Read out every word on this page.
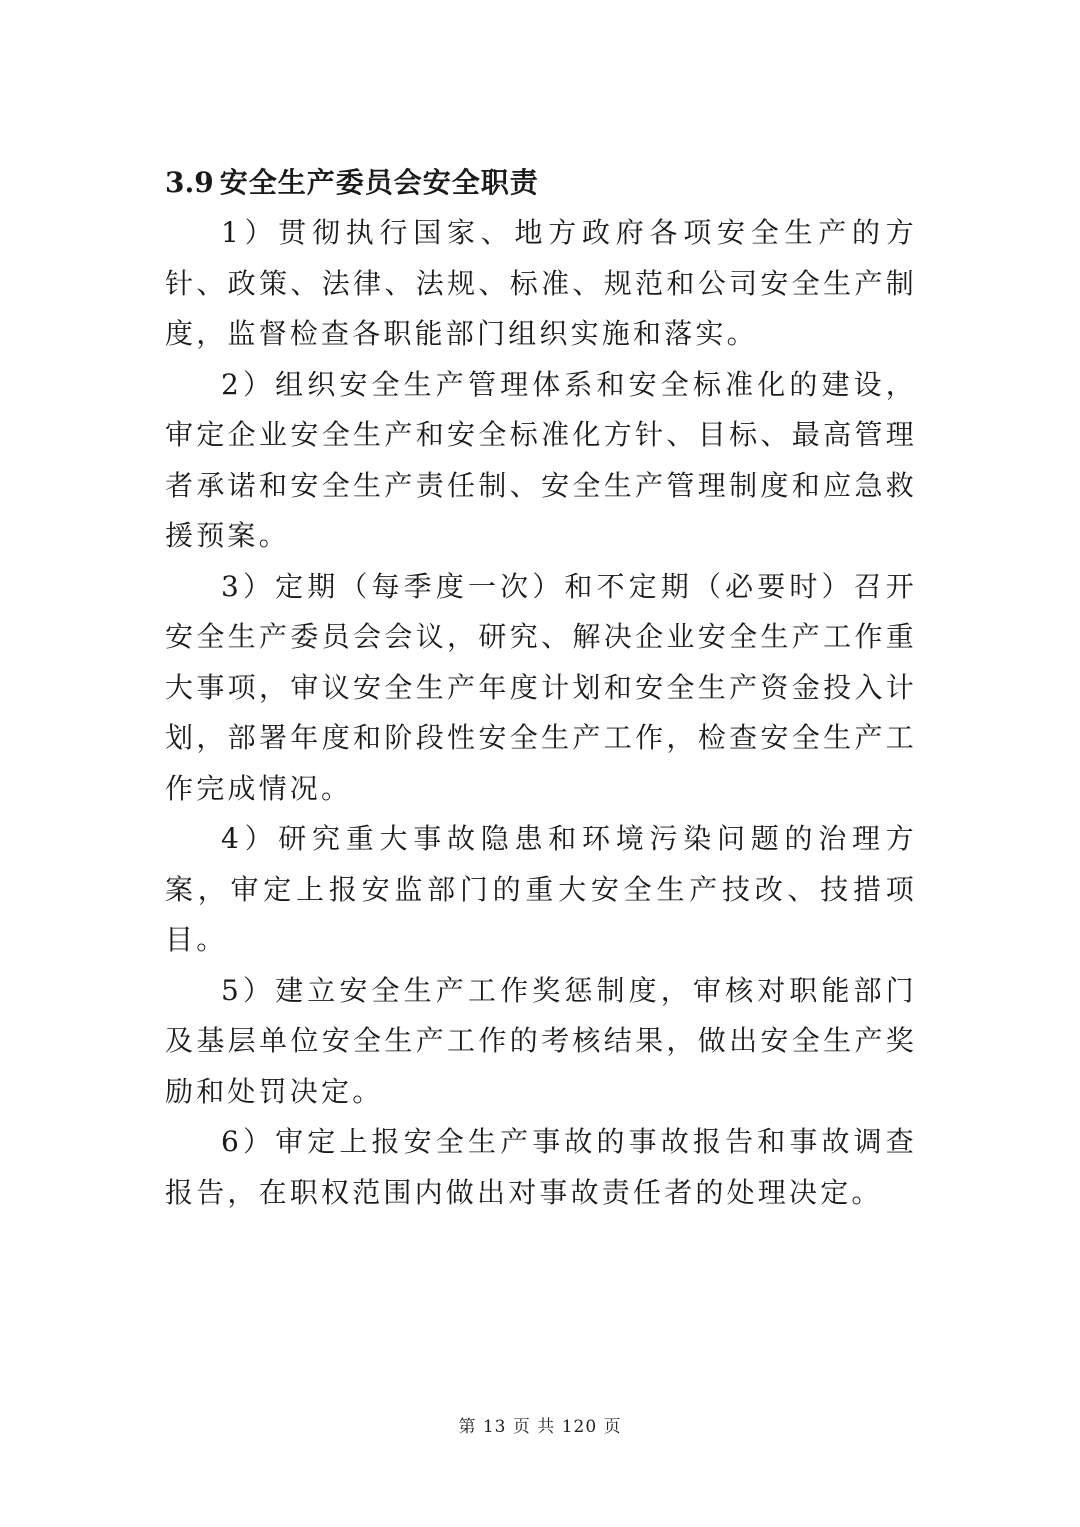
3.9 安全生产委员会安全职责

1）贯彻执行国家、地方政府各项安全生产的方针、政策、法律、法规、标准、规范和公司安全生产制度，监督检查各职能部门组织实施和落实。

2）组织安全生产管理体系和安全标准化的建设，审定企业安全生产和安全标准化方针、目标、最高管理者承诺和安全生产责任制、安全生产管理制度和应急救援预案。

3）定期（每季度一次）和不定期（必要时）召开安全生产委员会会议，研究、解决企业安全生产工作重大事项，审议安全生产年度计划和安全生产资金投入计划，部署年度和阶段性安全生产工作，检查安全生产工作完成情况。

4）研究重大事故隐患和环境污染问题的治理方案，审定上报安监部门的重大安全生产技改、技措项目。

5）建立安全生产工作奖惩制度，审核对职能部门及基层单位安全生产工作的考核结果，做出安全生产奖励和处罚决定。

6）审定上报安全生产事故的事故报告和事故调查报告，在职权范围内做出对事故责任者的处理决定。

第 13 页 共 120 页
